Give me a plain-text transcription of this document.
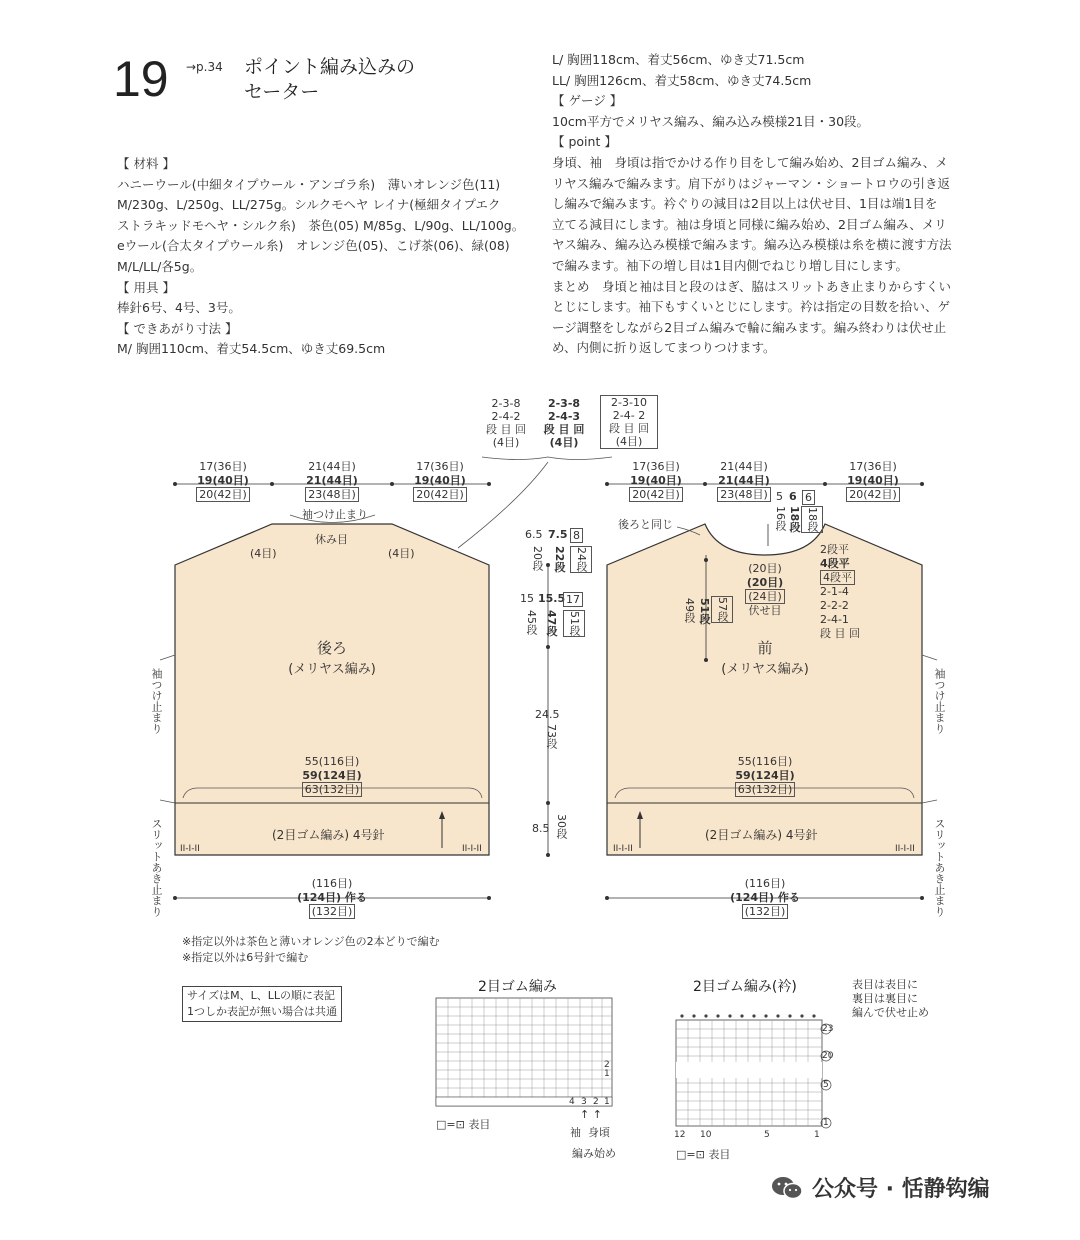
19 →p.34 ポイント編み込みの
セーター
【 材料 】
ハニーウール(中細タイプウール・アンゴラ糸)　薄いオレンジ色(11)
M/230g、L/250g、LL/275g。シルクモヘヤ レイナ(極細タイプエク
ストラキッドモヘヤ・シルク糸)　茶色(05) M/85g、L/90g、LL/100g。
eウール(合太タイプウール糸)　オレンジ色(05)、こげ茶(06)、緑(08)
M/L/LL/各5g。
【 用具 】
棒針6号、4号、3号。
【 できあがり寸法 】
M/ 胸囲110cm、着丈54.5cm、ゆき丈69.5cm
L/ 胸囲118cm、着丈56cm、ゆき丈71.5cm
LL/ 胸囲126cm、着丈58cm、ゆき丈74.5cm
【 ゲージ 】
10cm平方でメリヤス編み、編み込み模様21目・30段。
【 point 】
身頃、袖　身頃は指でかける作り目をして編み始め、2目ゴム編み、メ
リヤス編みで編みます。肩下がりはジャーマン・ショートロウの引き返
し編みで編みます。衿ぐりの減目は2目以上は伏せ目、1目は端1目を
立てる減目にします。袖は身頃と同様に編み始め、2目ゴム編み、メリ
ヤス編み、編み込み模様で編みます。編み込み模様は糸を横に渡す方法
で編みます。袖下の増し目は1目内側でねじり増し目にします。
まとめ　身頃と袖は目と段のはぎ、脇はスリットあき止まりからすくい
とじにします。袖下もすくいとじにします。衿は指定の目数を拾い、ゲ
ージ調整をしながら2目ゴム編みで輪に編みます。編み終わりは伏せ止
め、内側に折り返してまつりつけます。
2-3-8
2-4-2
段 目 回
(4目)
2-3-8
2-4-3
段 目 回
(4目)
2-3-10
2-4- 2
段 目 回
(4目)
17(36目)
19(40目)
20(42目)
21(44目)
21(44目)
23(48目)
17(36目)
19(40目)
20(42目)
17(36目)
19(40目)
20(42目)
21(44目)
21(44目)
23(48目)
17(36目)
19(40目)
20(42目)
袖つけ止まり
休み目
(4目)	(4目)
後ろ
(メリヤス編み)
55(116目)
59(124目)
63(132目)
(2目ゴム編み) 4号針
II-I-II	II-I-II
(116目)
(124目) 作る
(132目)
袖つけ止まり
スリットあき止まり
袖つけ止まり
スリットあき止まり
6.5 7.5 8
20段 22段 24段
15 15.5 17
45段 47段 51段
24.5
73段
8.5 30段
後ろと同じ
5 6 6
16段 18段 18段
(20目)
(20目)
(24目)
伏せ目
2段平
4段平
4段平
2-1-4
2-2-2
2-4-1
段 目 回
49段 51段 57段
前
(メリヤス編み)
55(116目)
59(124目)
63(132目)
(2目ゴム編み) 4号針
II-I-II	II-I-II
(116目)
(124目) 作る
(132目)
※指定以外は茶色と薄いオレンジ色の2本どりで編む
※指定以外は6号針で編む
サイズはM、L、LLの順に表記
1つしか表記が無い場合は共通
2目ゴム編み	2目ゴム編み(衿)
2
1
4 3 2 1
□=⊡ 表目
↑ ↑
袖 身頃
編み始め
表目は表目に
裏目は裏目に
編んで伏せ止め
23
20
5
1
12 10	5	1
□=⊡ 表目
公众号 · 恬静钩编
